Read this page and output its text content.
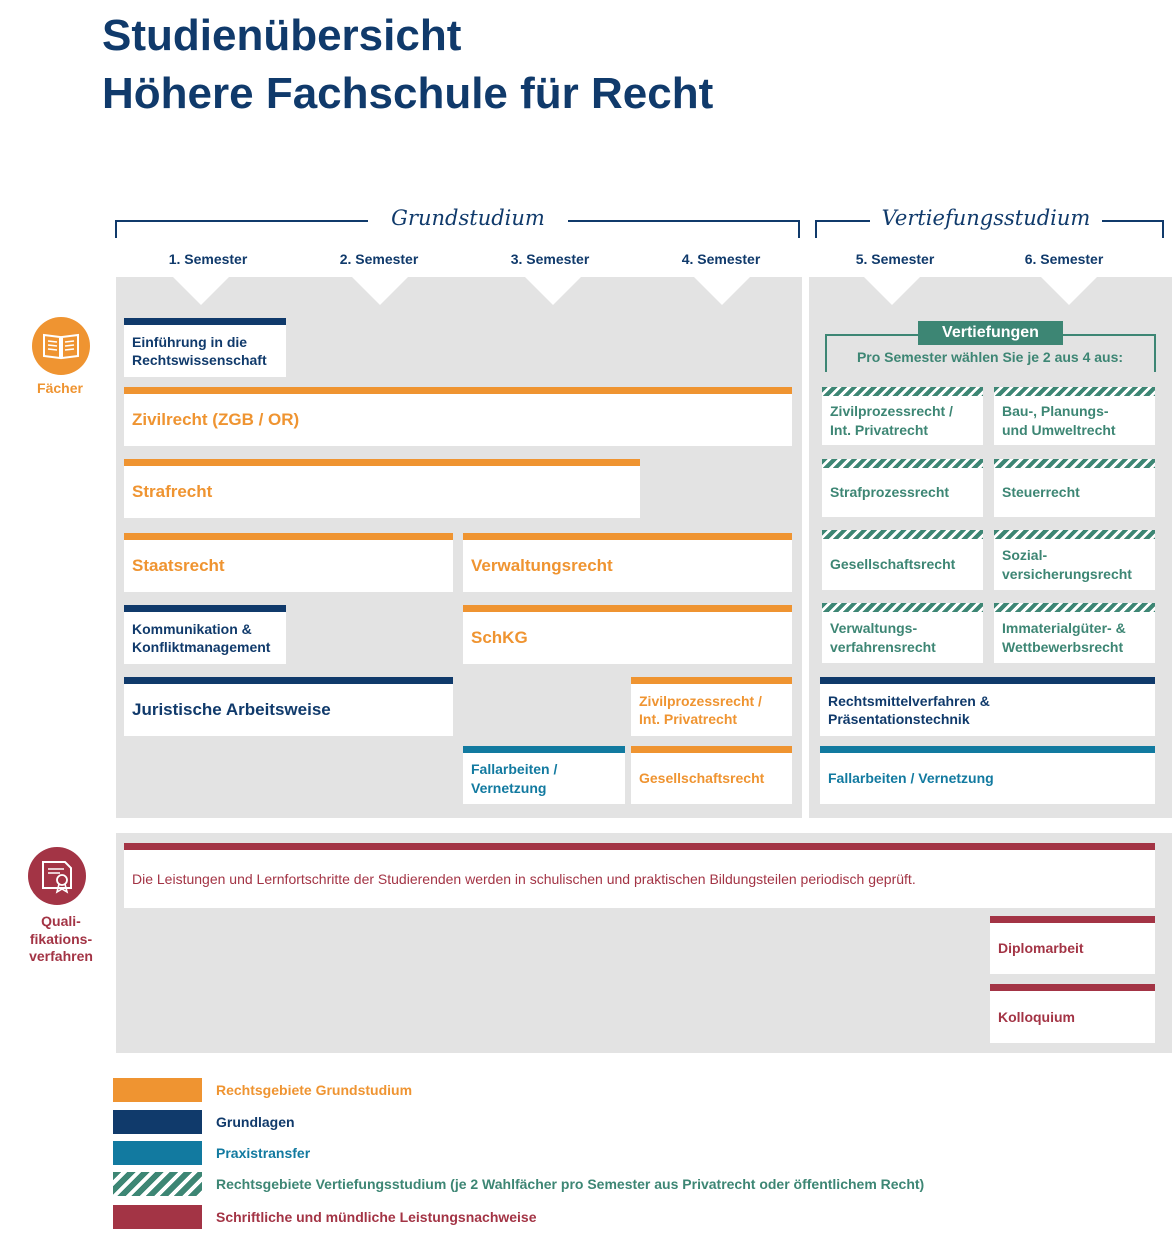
Studienübersicht
Höhere Fachschule für Recht
Grundstudium	Vertiefungsstudium
1. Semester	2. Semester	3. Semester	4. Semester	5. Semester	6. Semester
Fächer
Quali-
fikations-
verfahren
Einführung in die
Rechtswissenschaft
Zivilrecht (ZGB / OR)
Strafrecht
Staatsrecht	Verwaltungsrecht
Kommunikation &
Konfliktmanagement
SchKG
Juristische Arbeitsweise	Zivilprozessrecht /
Int. Privatrecht
Fallarbeiten /
Vernetzung
Gesellschaftsrecht
Vertiefungen
Pro Semester wählen Sie je 2 aus 4 aus:
Zivilprozessrecht /
Int. Privatrecht
Bau-, Planungs-
und Umweltrecht
Strafprozessrecht	Steuerrecht
Gesellschaftsrecht
Sozial-
versicherungsrecht
Verwaltungs-
verfahrensrecht
Immaterialgüter- &
Wettbewerbsrecht
Rechtsmittelverfahren &
Präsentationstechnik
Fallarbeiten / Vernetzung
Die Leistungen und Lernfortschritte der Studierenden werden in schulischen und praktischen Bildungsteilen periodisch geprüft.
Diplomarbeit
Kolloquium
Rechtsgebiete Grundstudium
Grundlagen
Praxistransfer
Rechtsgebiete Vertiefungsstudium (je 2 Wahlfächer pro Semester aus Privatrecht oder öffentlichem Recht)
Schriftliche und mündliche Leistungsnachweise
